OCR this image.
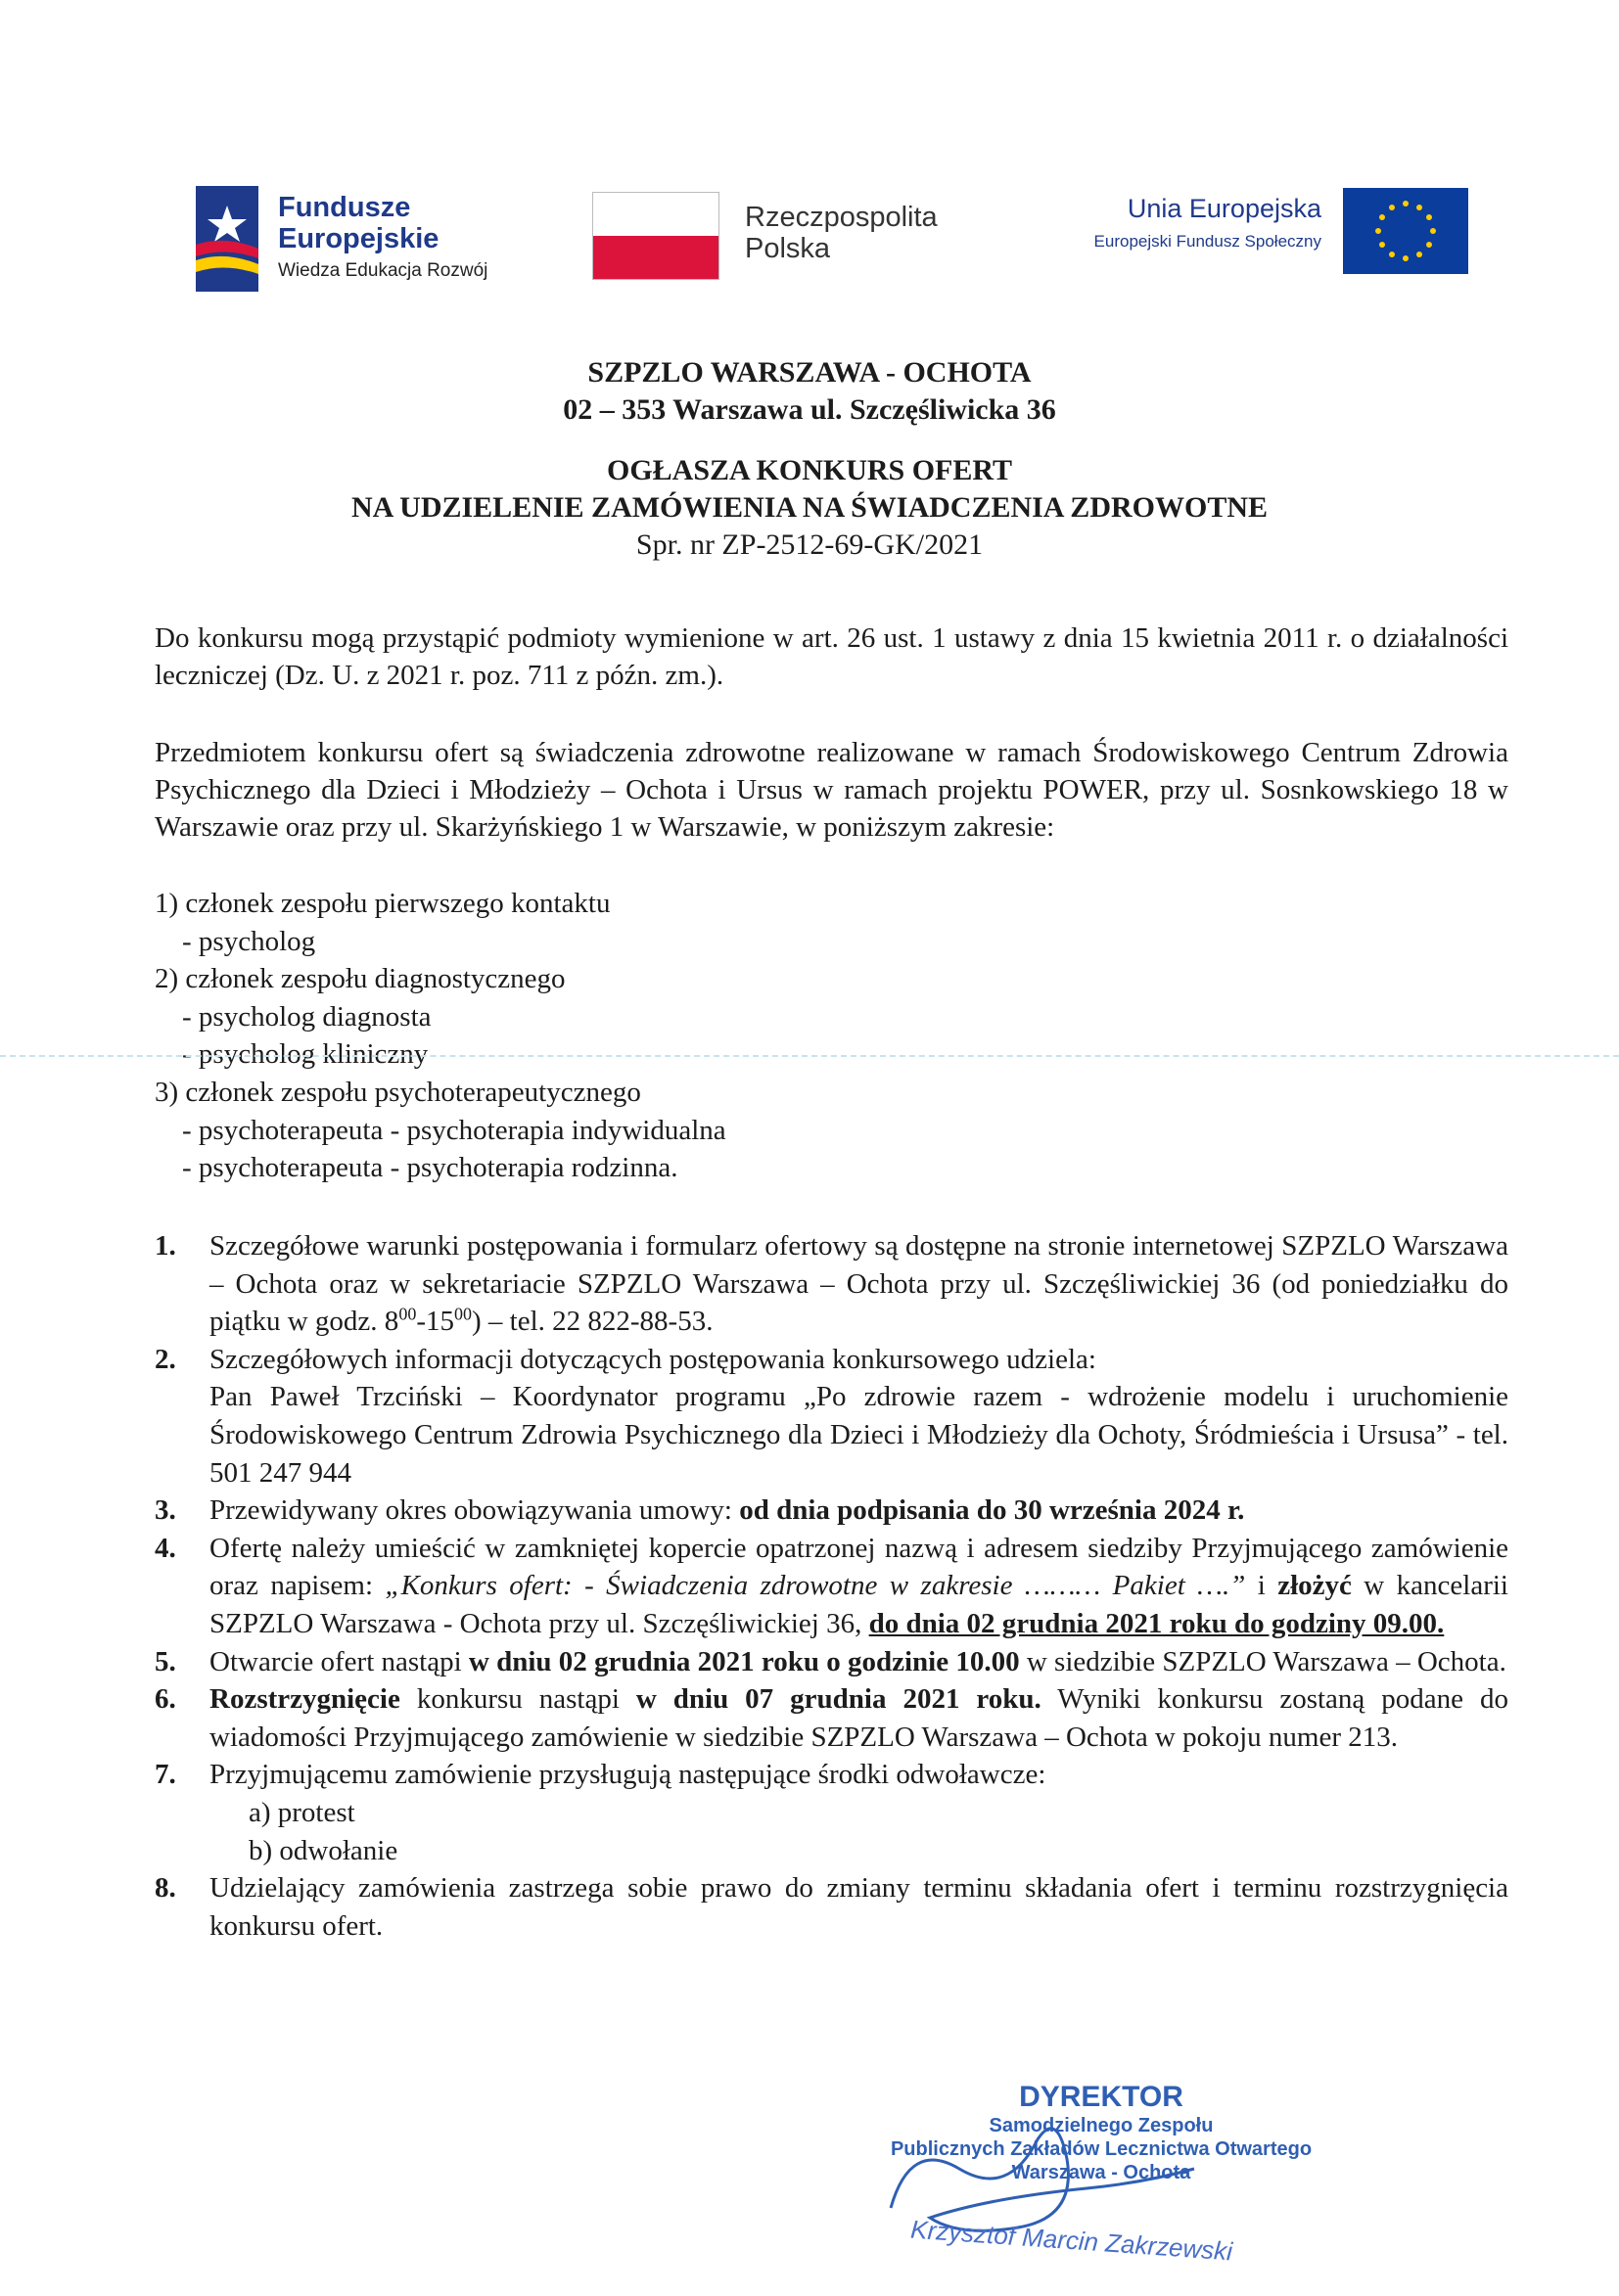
Fundusze
Europejskie
Wiedza Edukacja Rozwój
Rzeczpospolita
Polska
Unia Europejska
Europejski Fundusz Społeczny
SZPZLO WARSZAWA - OCHOTA
02 – 353 Warszawa ul. Szczęśliwicka 36
OGŁASZA KONKURS OFERT
NA UDZIELENIE ZAMÓWIENIA NA ŚWIADCZENIA ZDROWOTNE
Spr. nr ZP-2512-69-GK/2021
Do konkursu mogą przystąpić podmioty wymienione w art. 26 ust. 1 ustawy z dnia 15 kwietnia 2011 r. o działalności leczniczej (Dz. U. z 2021 r. poz. 711 z późn. zm.).
Przedmiotem konkursu ofert są świadczenia zdrowotne realizowane w ramach Środowiskowego Centrum Zdrowia Psychicznego dla Dzieci i Młodzieży – Ochota i Ursus w ramach projektu POWER, przy ul. Sosnkowskiego 18 w Warszawie oraz przy ul. Skarżyńskiego 1 w Warszawie, w poniższym zakresie:
1) członek zespołu pierwszego kontaktu
- psycholog
2) członek zespołu diagnostycznego
- psycholog diagnosta
- psycholog kliniczny
3) członek zespołu psychoterapeutycznego
- psychoterapeuta - psychoterapia indywidualna
- psychoterapeuta - psychoterapia rodzinna.
1.	Szczegółowe warunki postępowania i formularz ofertowy są dostępne na stronie internetowej SZPZLO Warszawa – Ochota oraz w sekretariacie SZPZLO Warszawa – Ochota przy ul. Szczęśliwickiej 36 (od poniedziałku do piątku w godz. $8^{00}-15^{00}$) – tel. 22 822-88-53.
2.	Szczegółowych informacji dotyczących postępowania konkursowego udziela:
Pan Paweł Trzciński – Koordynator programu „Po zdrowie razem - wdrożenie modelu i uruchomienie Środowiskowego Centrum Zdrowia Psychicznego dla Dzieci i Młodzieży dla Ochoty, Śródmieścia i Ursusa” - tel. 501 247 944
3.	Przewidywany okres obowiązywania umowy: od dnia podpisania do 30 września 2024 r.
4.	Ofertę należy umieścić w zamkniętej kopercie opatrzonej nazwą i adresem siedziby Przyjmującego zamówienie oraz napisem: „Konkurs ofert: - Świadczenia zdrowotne w zakresie ……… Pakiet ….” i złożyć w kancelarii SZPZLO Warszawa - Ochota przy ul. Szczęśliwickiej 36, do dnia 02 grudnia 2021 roku do godziny 09.00.
5.	Otwarcie ofert nastąpi w dniu 02 grudnia 2021 roku o godzinie 10.00 w siedzibie SZPZLO Warszawa – Ochota.
6.	Rozstrzygnięcie konkursu nastąpi w dniu 07 grudnia 2021 roku. Wyniki konkursu zostaną podane do wiadomości Przyjmującego zamówienie w siedzibie SZPZLO Warszawa – Ochota w pokoju numer 213.
7.	Przyjmującemu zamówienie przysługują następujące środki odwoławcze:
a) protest
b) odwołanie
8.	Udzielający zamówienia zastrzega sobie prawo do zmiany terminu składania ofert i terminu rozstrzygnięcia konkursu ofert.
DYREKTOR
Samodzielnego Zespołu
Publicznych Zakładów Lecznictwa Otwartego
Warszawa - Ochota
Krzysztof Marcin Zakrzewski
